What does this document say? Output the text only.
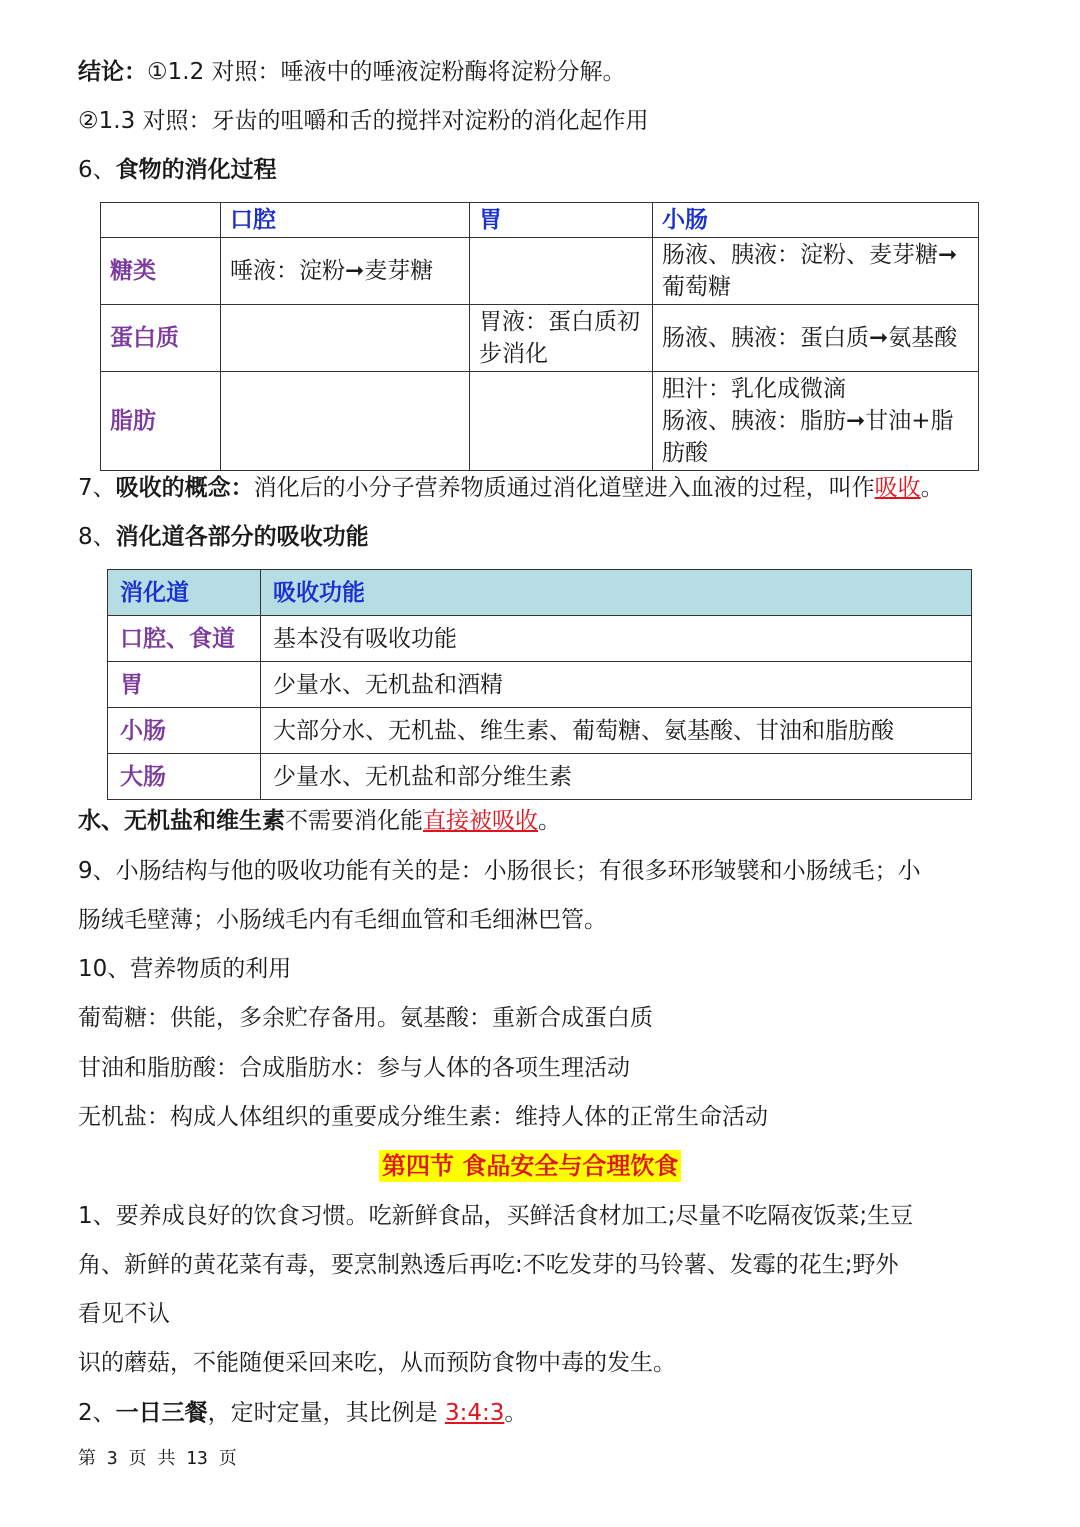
结论：①1.2 对照：唾液中的唾液淀粉酶将淀粉分解。
②1.3 对照：牙齿的咀嚼和舌的搅拌对淀粉的消化起作用
6、食物的消化过程
	口腔	胃	小肠
糖类	唾液：淀粉➞麦芽糖		肠液、胰液：淀粉、麦芽糖➞葡萄糖
蛋白质		胃液：蛋白质初步消化	肠液、胰液：蛋白质➞氨基酸
脂肪			胆汁：乳化成微滴
肠液、胰液：脂肪➞甘油+脂肪酸
7、吸收的概念：消化后的小分子营养物质通过消化道壁进入血液的过程，叫作吸收。
8、消化道各部分的吸收功能
消化道	吸收功能
口腔、食道	基本没有吸收功能
胃	少量水、无机盐和酒精
小肠	大部分水、无机盐、维生素、葡萄糖、氨基酸、甘油和脂肪酸
大肠	少量水、无机盐和部分维生素
水、无机盐和维生素不需要消化能直接被吸收。
9、小肠结构与他的吸收功能有关的是：小肠很长；有很多环形皱襞和小肠绒毛；小
肠绒毛壁薄；小肠绒毛内有毛细血管和毛细淋巴管。
10、营养物质的利用
葡萄糖：供能，多余贮存备用。氨基酸：重新合成蛋白质
甘油和脂肪酸：合成脂肪水：参与人体的各项生理活动
无机盐：构成人体组织的重要成分维生素：维持人体的正常生命活动
第四节 食品安全与合理饮食
1、要养成良好的饮食习惯。吃新鲜食品，买鲜活食材加工;尽量不吃隔夜饭菜;生豆
角、新鲜的黄花菜有毒，要烹制熟透后再吃:不吃发芽的马铃薯、发霉的花生;野外
看见不认
识的蘑菇，不能随便采回来吃，从而预防食物中毒的发生。
2、一日三餐，定时定量，其比例是 3:4:3。
第 3 页 共 13 页
